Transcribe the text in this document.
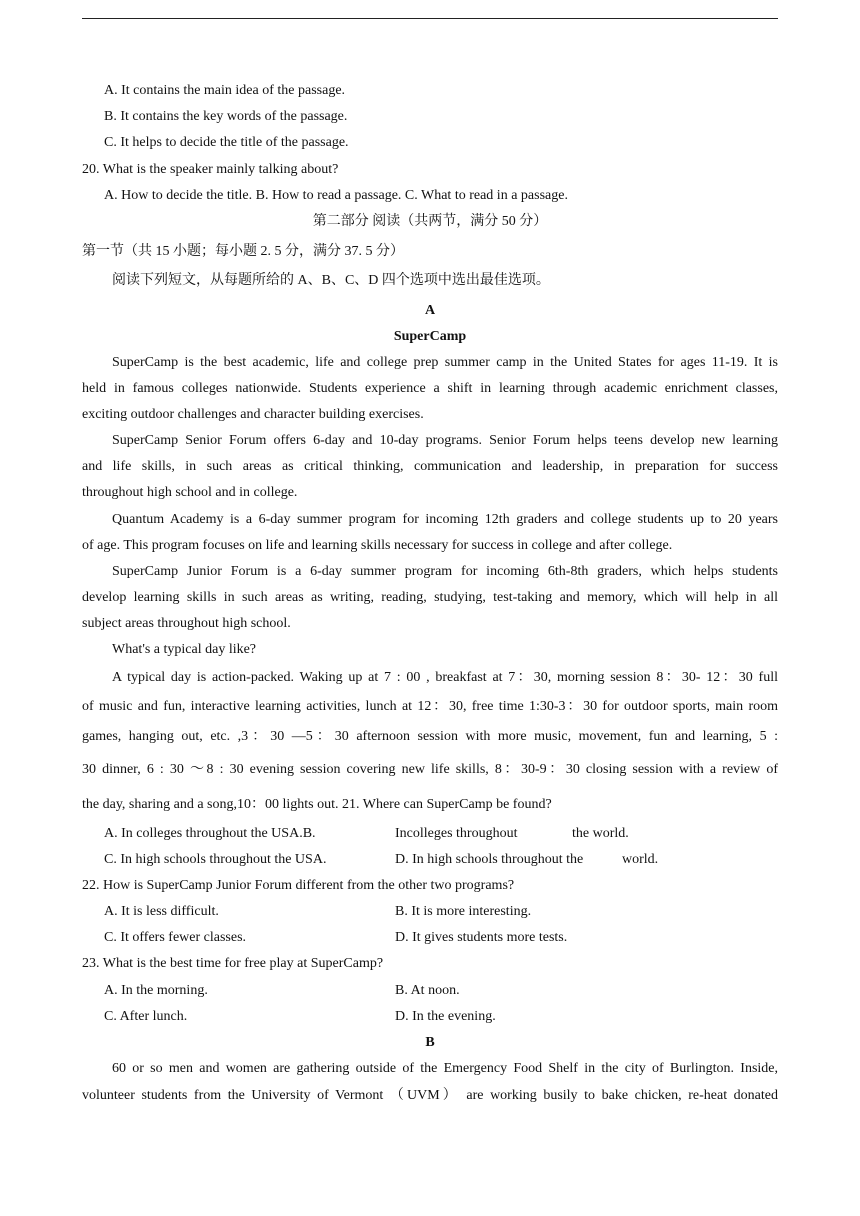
A. It contains the main idea of the passage.
B. It contains the key words of the passage.
C. It helps to decide the title of the passage.
20. What is the speaker mainly talking about?
A. How to decide the title. B. How to read a passage. C. What to read in a passage.
第二部分 阅读（共两节，满分 50 分）
第一节（共 15 小题；每小题 2. 5 分，满分 37. 5 分）
阅读下列短文，从每题所给的 A、B、C、D 四个选项中选出最佳选项。
A
SuperCamp
SuperCamp is the best academic, life and college prep summer camp in the United States for ages 11-19. It is
held in famous colleges nationwide. Students experience a shift in learning through academic enrichment classes,
exciting outdoor challenges and character building exercises.
SuperCamp Senior Forum offers 6-day and 10-day programs. Senior Forum helps teens develop new learning
and life skills, in such areas as critical thinking, communication and leadership, in preparation for success
throughout high school and in college.
Quantum Academy is a 6-day summer program for incoming 12th graders and college students up to 20 years
of age. This program focuses on life and learning skills necessary for success in college and after college.
SuperCamp Junior Forum is a 6-day summer program for incoming 6th-8th graders, which helps students
develop learning skills in such areas as writing, reading, studying, test-taking and memory, which will help in all
subject areas throughout high school.
What's a typical day like?
A typical day is action-packed. Waking up at 7 : 00 , breakfast at 7：30, morning session 8：30- 12：30 full
of music and fun, interactive learning activities, lunch at 12：30, free time 1:30-3：30 for outdoor sports, main room
games, hanging out, etc. ,3：30 —5：30 afternoon session with more music, movement, fun and learning, 5 :
30 dinner, 6 : 30 〜8 : 30 evening session covering new life skills, 8：30-9：30 closing session with a review of
the day, sharing and a song,10：00 lights out. 21. Where can SuperCamp be found?
A. In colleges throughout the USA.B.	Incolleges throughout	the world.
C. In high schools throughout the USA.	D. In high schools throughout the	world.
22. How is SuperCamp Junior Forum different from the other two programs?
A. It is less difficult.	B. It is more interesting.
C. It offers fewer classes.	D. It gives students more tests.
23. What is the best time for free play at SuperCamp?
A. In the morning.	B. At noon.
C. After lunch.	D. In the evening.
B
60 or so men and women are gathering outside of the Emergency Food Shelf in the city of Burlington. Inside,
volunteer students from the University of Vermont （UVM） are working busily to bake chicken, re-heat donated
